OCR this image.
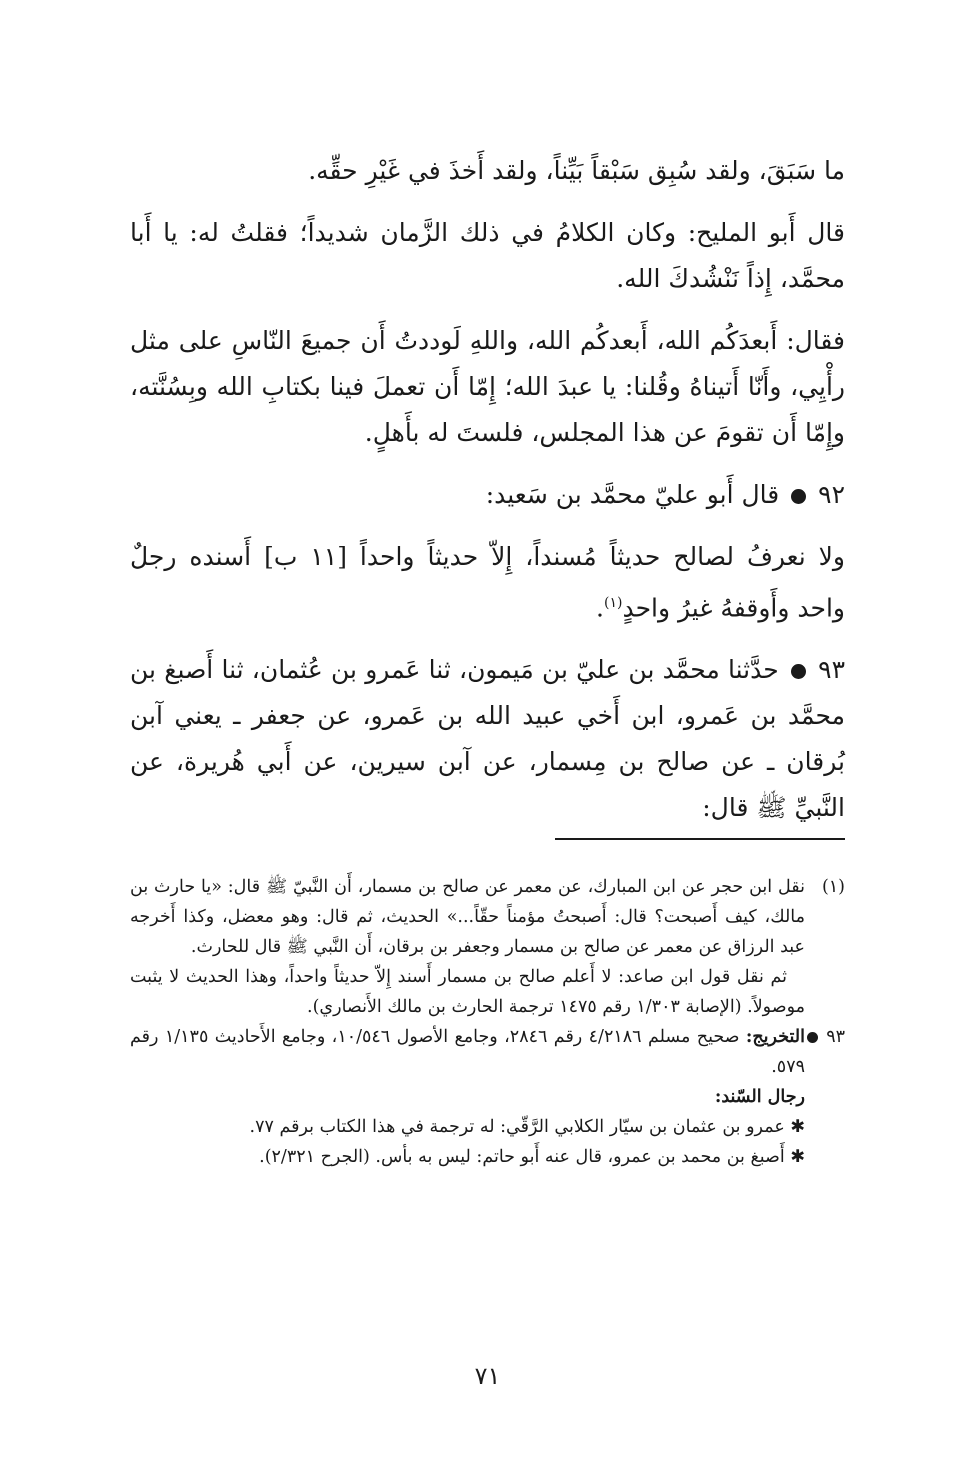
ما سَبَقَ، ولقد سُبِق سَبْقاً بَيِّناً، ولقد أَخذَ في غَيْرِ حقِّه.

قال أَبو المليح: وكان الكلامُ في ذلك الزَّمان شديداً؛ فقلتُ له: يا أَبا محمَّد، إِذاً نَنْشُدكَ الله.

فقال: أَبعدَكُم الله، أَبعدكُم الله، واللهِ لَوددتُ أَن جميعَ النّاسِ على مثل رأْيِي، وأَنّا أَتيناهُ وقُلنا: يا عبدَ الله؛ إِمّا أَن تعملَ فينا بكتابِ الله وبِسُنَّته، وإِمّا أَن تقومَ عن هذا المجلس، فلستَ له بأَهلٍ.

٩٢  قال أَبو عليّ محمَّد بن سَعيد:

ولا نعرفُ لصالح حديثاً مُسنداً، إِلاّ حديثاً واحداً [١١ ب] أَسنده رجلٌ واحد وأَوقفهُ غيرُ واحدٍ$^{(١)}$.

٩٣  حدَّثنا محمَّد بن عليّ بن مَيمون، ثنا عَمرو بن عُثمان، ثنا أَصبغ بن محمَّد بن عَمرو، ابن أَخي عبيد الله بن عَمرو، عن جعفر ـ يعني آبن بُرقان ـ عن صالح بن مِسمار، عن آبن سيرين، عن أَبي هُريرة، عن النَّبيِّ ﷺ قال:

(١)
نقل ابن حجر عن ابن المبارك، عن معمر عن صالح بن مسمار، أَن النَّبيّ ﷺ قال: «يا حارث بن مالك، كيف أَصبحت؟ قال: أَصبحتُ مؤمناً حقّاً...» الحديث، ثم قال: وهو معضل، وكذا أَخرجه عبد الرزاق عن معمر عن صالح بن مسمار وجعفر بن برقان، أَن النَّبي ﷺ قال للحارث.
ثم نقل قول ابن صاعد: لا أَعلم صالح بن مسمار أَسند إِلاّ حديثاً واحداً، وهذا الحديث لا يثبت موصولاً. (الإصابة ١/٣٠٣ رقم ١٤٧٥ ترجمة الحارث بن مالك الأَنصاري).
٩٣
التخريج: صحيح مسلم ٤/٢١٨٦ رقم ٢٨٤٦، وجامع الأصول ١٠/٥٤٦، وجامع الأَحاديث ١/١٣٥ رقم ٥٧٩.

رجال السّند:

✱ عمرو بن عثمان بن سيّار الكلابي الرَّقّي: له ترجمة في هذا الكتاب برقم ٧٧.

✱ أَصبغ بن محمد بن عمرو، قال عنه أَبو حاتم: ليس به بأس. (الجرح ٢/٣٢١).

٧١
